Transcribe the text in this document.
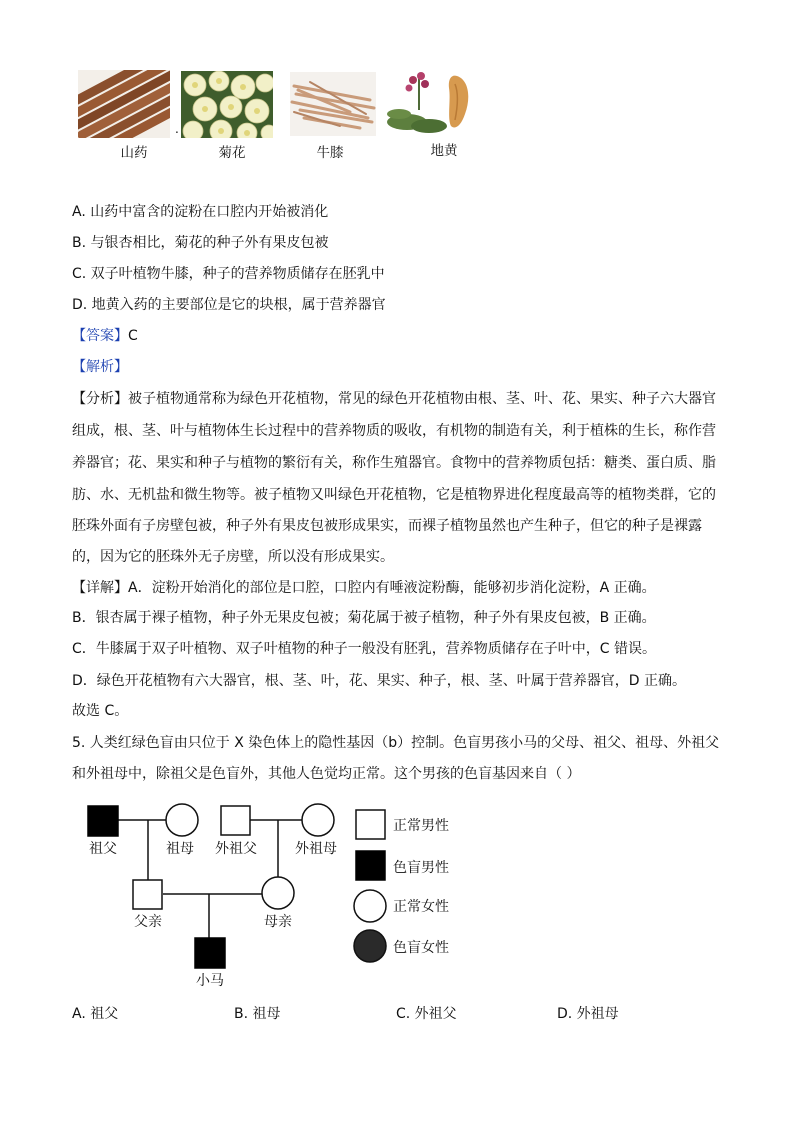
.
山药	菊花	牛膝	地黄
A. 山药中富含的淀粉在口腔内开始被消化
B. 与银杏相比，菊花的种子外有果皮包被
C. 双子叶植物牛膝，种子的营养物质储存在胚乳中
D. 地黄入药的主要部位是它的块根，属于营养器官
【答案】C
【解析】
【分析】被子植物通常称为绿色开花植物，常见的绿色开花植物由根、茎、叶、花、果实、种子六大器官
组成，根、茎、叶与植物体生长过程中的营养物质的吸收，有机物的制造有关，利于植株的生长，称作营
养器官；花、果实和种子与植物的繁衍有关，称作生殖器官。食物中的营养物质包括：糖类、蛋白质、脂
肪、水、无机盐和微生物等。被子植物又叫绿色开花植物，它是植物界进化程度最高等的植物类群，它的
胚珠外面有子房壁包被，种子外有果皮包被形成果实，而裸子植物虽然也产生种子，但它的种子是裸露
的，因为它的胚珠外无子房壁，所以没有形成果实。
【详解】A．淀粉开始消化的部位是口腔，口腔内有唾液淀粉酶，能够初步消化淀粉，A 正确。
B．银杏属于裸子植物，种子外无果皮包被；菊花属于被子植物，种子外有果皮包被，B 正确。
C．牛膝属于双子叶植物、双子叶植物的种子一般没有胚乳，营养物质储存在子叶中，C 错误。
D．绿色开花植物有六大器官，根、茎、叶，花、果实、种子，根、茎、叶属于营养器官，D 正确。
故选 C。
5. 人类红绿色盲由只位于 X 染色体上的隐性基因（b）控制。色盲男孩小马的父母、祖父、祖母、外祖父
和外祖母中，除祖父是色盲外，其他人色觉均正常。这个男孩的色盲基因来自（ ）
祖父	祖母 外祖父	外祖母
父亲	母亲
小马
正常男性
色盲男性
正常女性
色盲女性
A. 祖父	B. 祖母	C. 外祖父	D. 外祖母
